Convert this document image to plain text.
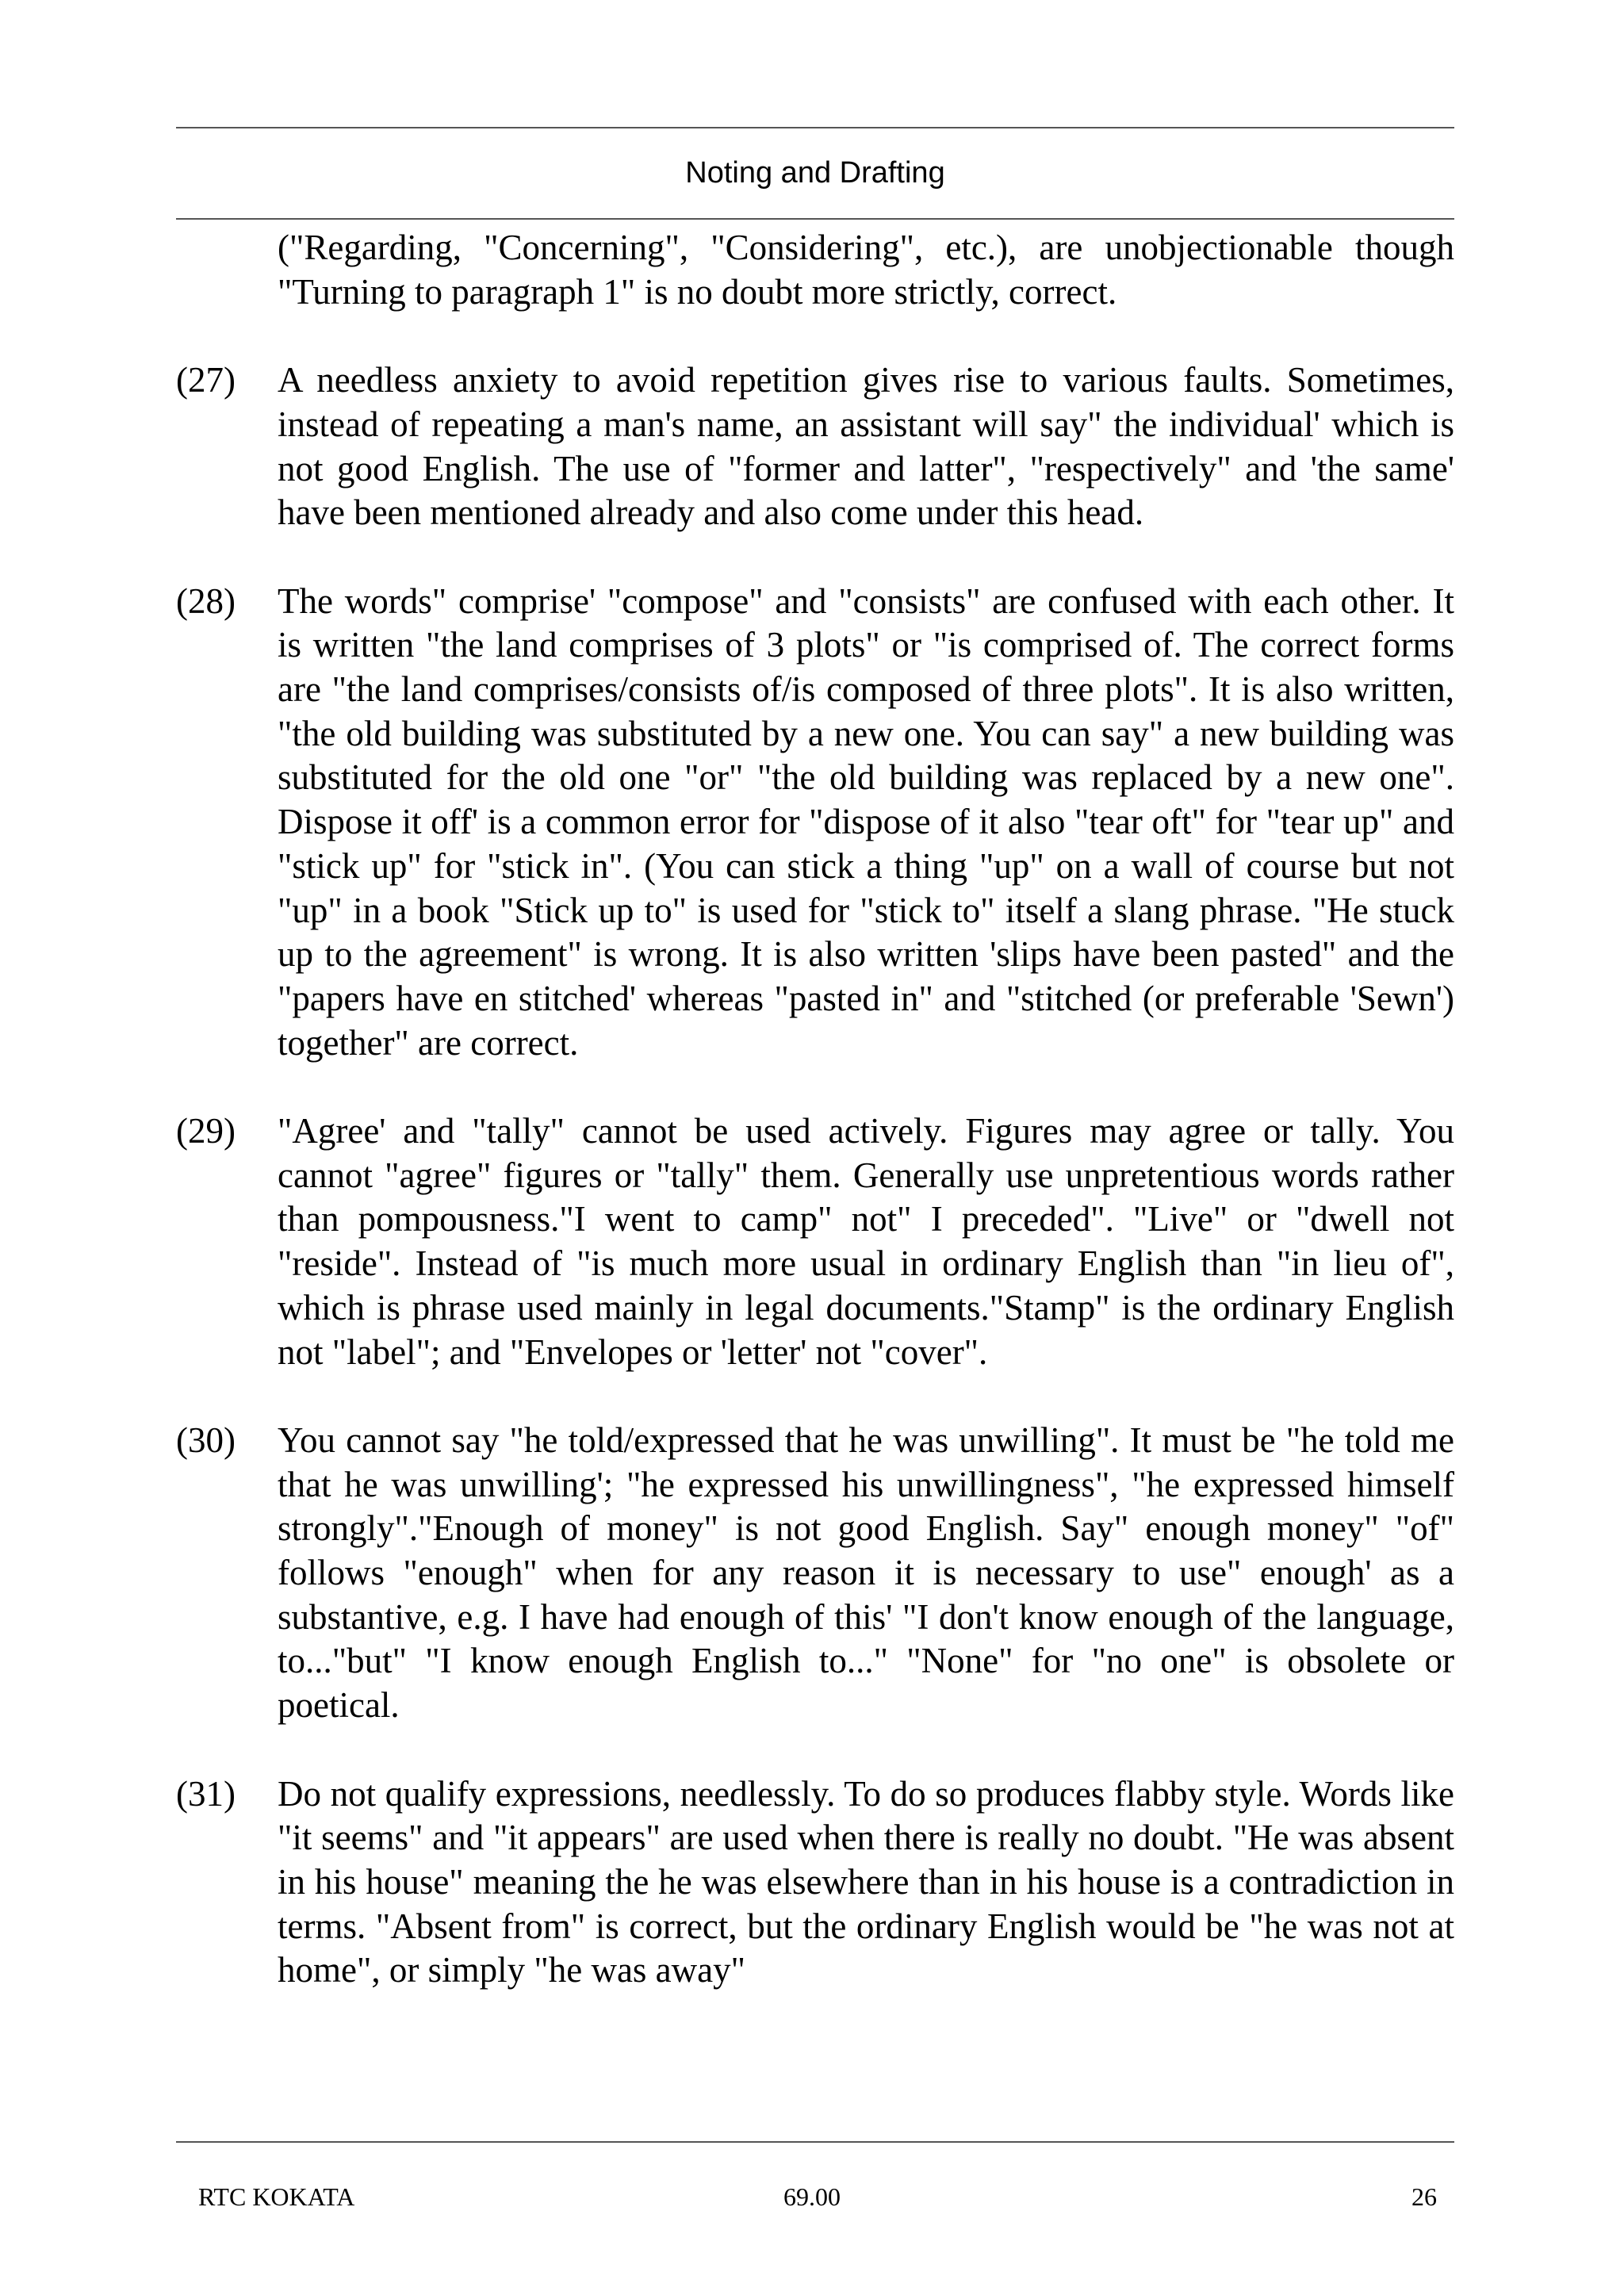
Noting and Drafting
("Regarding, "Concerning", "Considering", etc.), are unobjectionable though "Turning to paragraph 1" is no doubt more strictly, correct.
(27) A needless anxiety to avoid repetition gives rise to various faults. Sometimes, instead of repeating a man's name, an assistant will say" the individual' which is not good English. The use of "former and latter", "respectively" and 'the same' have been mentioned already and also come under this head.
(28) The words" comprise' "compose" and "consists" are confused with each other. It is written "the land comprises of 3 plots" or "is comprised of. The correct forms are "the land comprises/consists of/is composed of three plots". It is also written, "the old building was substituted by a new one. You can say" a new building was substituted for the old one "or" "the old building was replaced by a new one". Dispose it off' is a common error for "dispose of it also "tear oft" for "tear up" and "stick up" for "stick in". (You can stick a thing "up" on a wall of course but not "up" in a book "Stick up to" is used for "stick to" itself a slang phrase. "He stuck up to the agreement" is wrong. It is also written 'slips have been pasted" and the "papers have en stitched' whereas "pasted in" and "stitched (or preferable 'Sewn') together" are correct.
(29) "Agree' and "tally" cannot be used actively. Figures may agree or tally. You cannot "agree" figures or "tally" them. Generally use unpretentious words rather than pompousness."I went to camp" not" I preceded". "Live" or "dwell not "reside". Instead of "is much more usual in ordinary English than "in lieu of", which is phrase used mainly in legal documents."Stamp" is the ordinary English not "label"; and "Envelopes or 'letter' not "cover".
(30) You cannot say "he told/expressed that he was unwilling". It must be "he told me that he was unwilling'; "he expressed his unwillingness", "he expressed himself strongly"."Enough of money" is not good English. Say" enough money" "of" follows "enough" when for any reason it is necessary to use" enough' as a substantive, e.g. I have had enough of this' "I don't know enough of the language, to..."but" "I know enough English to..." "None" for "no one" is obsolete or poetical.
(31) Do not qualify expressions, needlessly. To do so produces flabby style. Words like "it seems" and "it appears" are used when there is really no doubt. "He was absent in his house" meaning the he was elsewhere than in his house is a contradiction in terms. "Absent from" is correct, but the ordinary English would be "he was not at home", or simply "he was away"
69.00
RTC KOKATA	26
